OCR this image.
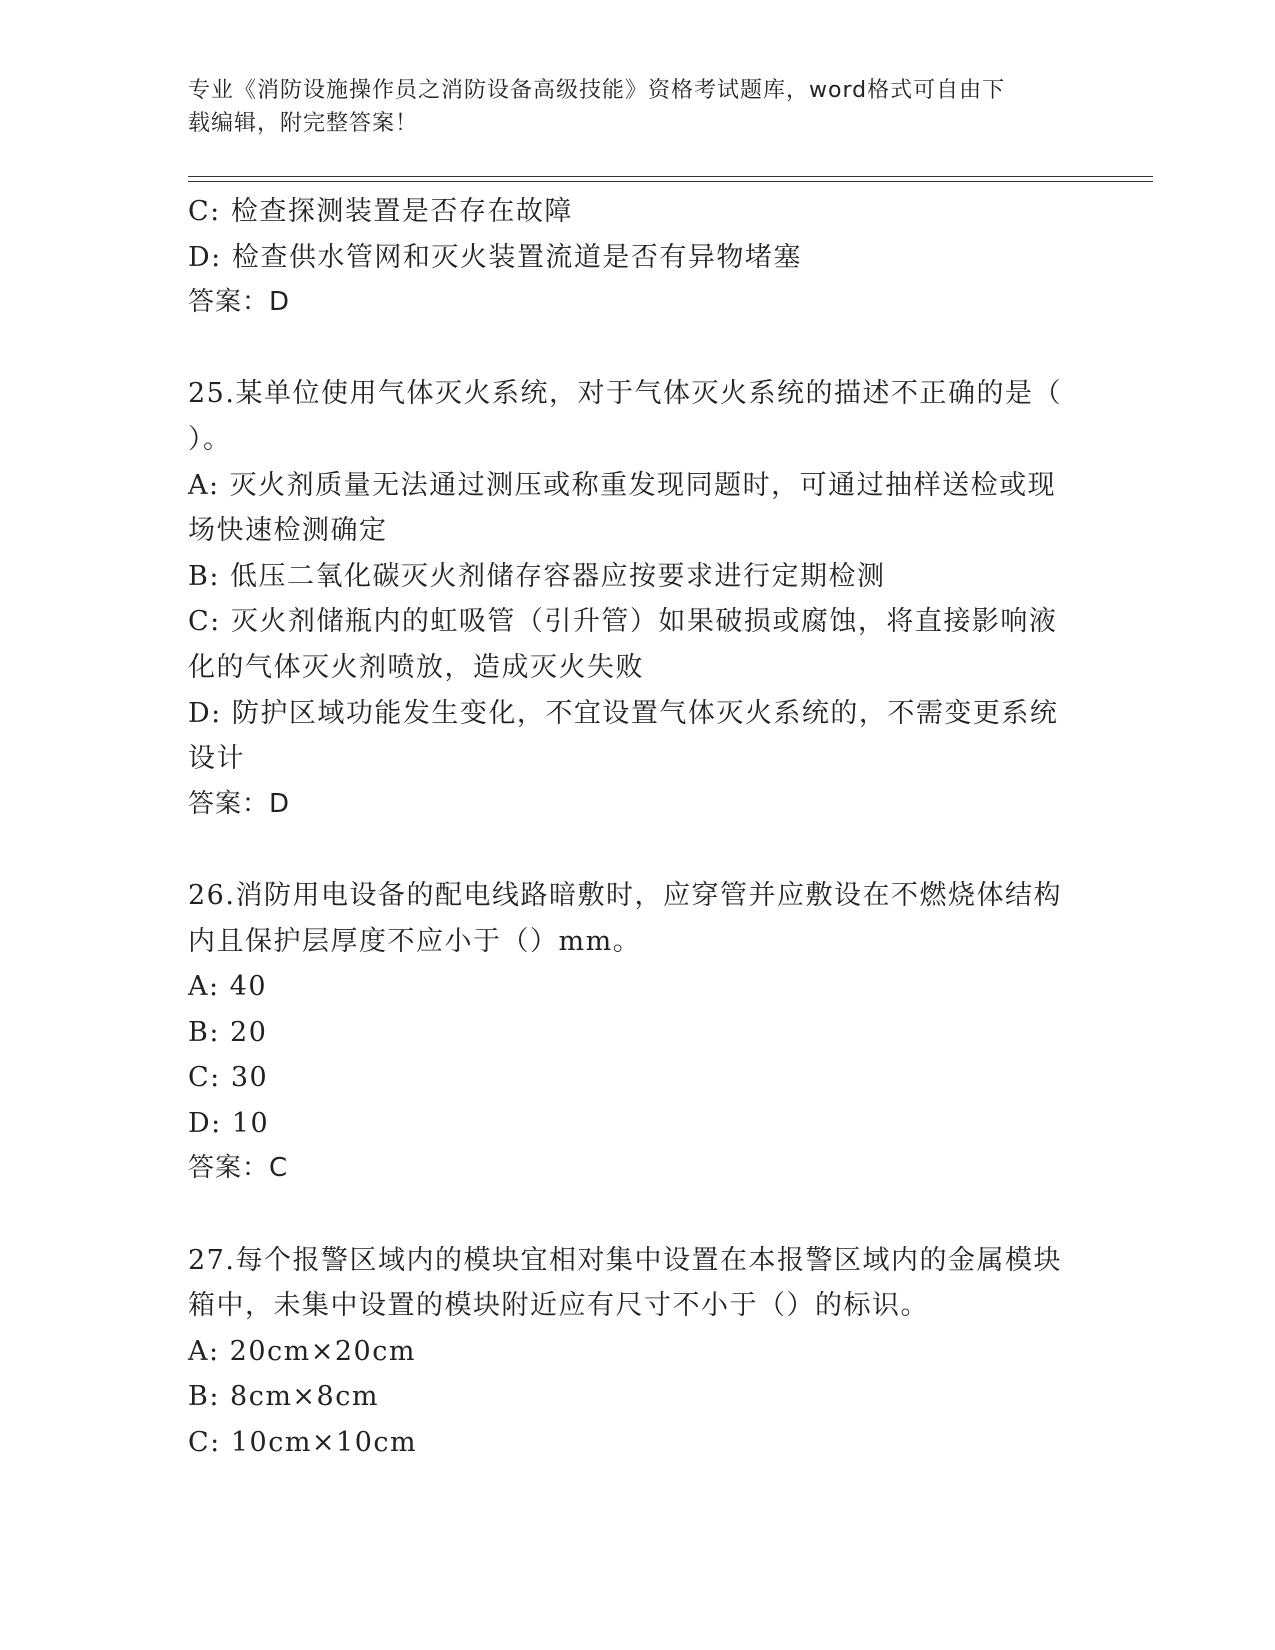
专业《消防设施操作员之消防设备高级技能》资格考试题库，word格式可自由下
载编辑，附完整答案！
C: 检查探测装置是否存在故障
D: 检查供水管网和灭火装置流道是否有异物堵塞
答案：D
25.某单位使用气体灭火系统，对于气体灭火系统的描述不正确的是（
）。
A: 灭火剂质量无法通过测压或称重发现同题时，可通过抽样送检或现
场快速检测确定
B: 低压二氧化碳灭火剂储存容器应按要求进行定期检测
C: 灭火剂储瓶内的虹吸管（引升管）如果破损或腐蚀，将直接影响液
化的气体灭火剂喷放，造成灭火失败
D: 防护区域功能发生变化，不宜设置气体灭火系统的，不需变更系统
设计
答案：D
26.消防用电设备的配电线路暗敷时，应穿管并应敷设在不燃烧体结构
内且保护层厚度不应小于（）mm。
A: 40
B: 20
C: 30
D: 10
答案：C
27.每个报警区域内的模块宜相对集中设置在本报警区域内的金属模块
箱中，未集中设置的模块附近应有尺寸不小于（）的标识。
A: 20cm×20cm
B: 8cm×8cm
C: 10cm×10cm
